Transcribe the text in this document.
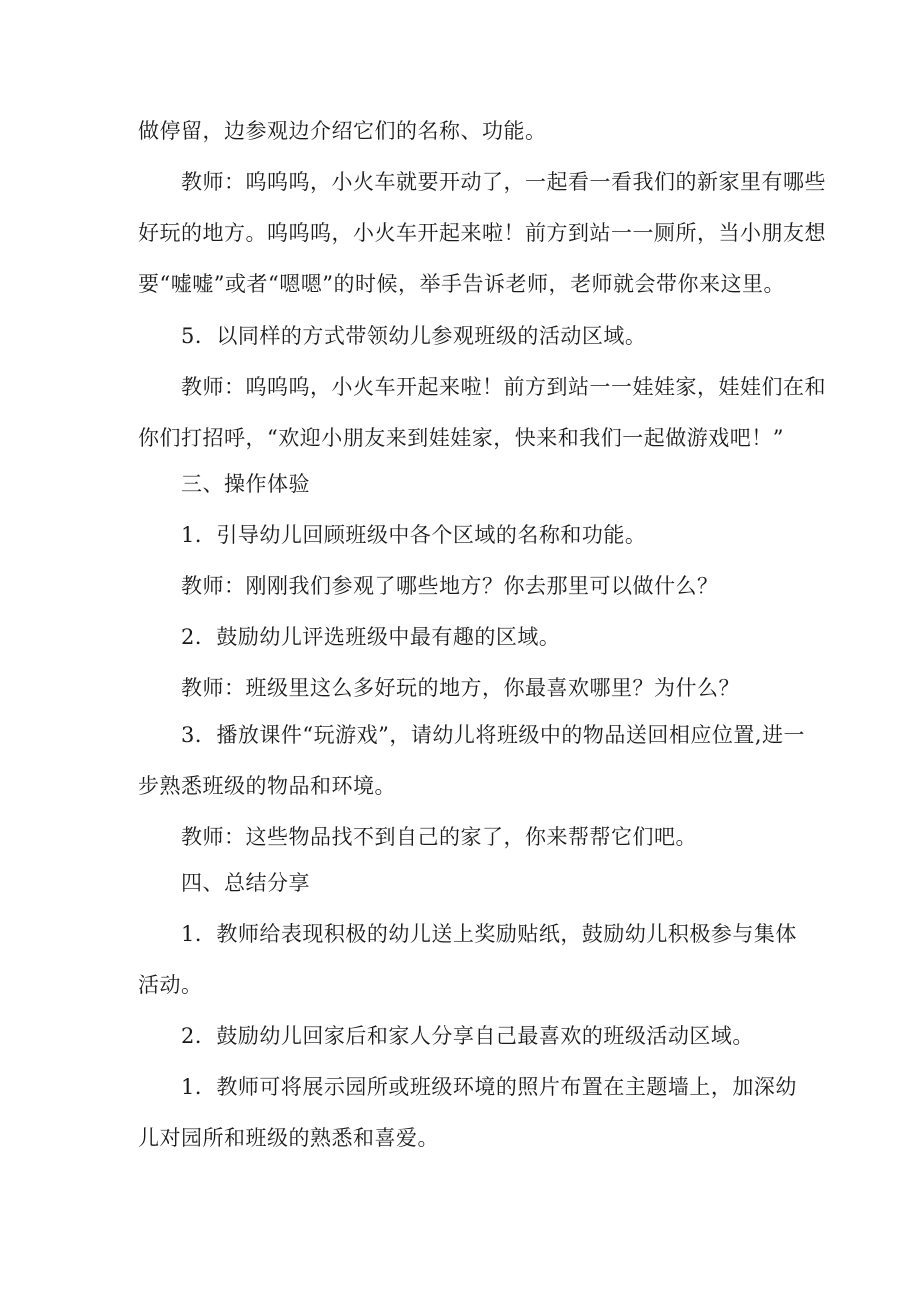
做停留，边参观边介绍它们的名称、功能。
教师：呜呜呜，小火车就要开动了，一起看一看我们的新家里有哪些
好玩的地方。呜呜呜，小火车开起来啦！前方到站一一厕所，当小朋友想
要“嘘嘘”或者“嗯嗯”的时候，举手告诉老师，老师就会带你来这里。
5．以同样的方式带领幼儿参观班级的活动区域。
教师：呜呜呜，小火车开起来啦！前方到站一一娃娃家，娃娃们在和
你们打招呼，“欢迎小朋友来到娃娃家，快来和我们一起做游戏吧！”
三、操作体验
1．引导幼儿回顾班级中各个区域的名称和功能。
教师：刚刚我们参观了哪些地方？你去那里可以做什么？
2．鼓励幼儿评选班级中最有趣的区域。
教师：班级里这么多好玩的地方，你最喜欢哪里？为什么？
3．播放课件“玩游戏”，请幼儿将班级中的物品送回相应位置,进一
步熟悉班级的物品和环境。
教师：这些物品找不到自己的家了，你来帮帮它们吧。
四、总结分享
1．教师给表现积极的幼儿送上奖励贴纸，鼓励幼儿积极参与集体
活动。
2．鼓励幼儿回家后和家人分享自己最喜欢的班级活动区域。
1．教师可将展示园所或班级环境的照片布置在主题墙上，加深幼
儿对园所和班级的熟悉和喜爱。
